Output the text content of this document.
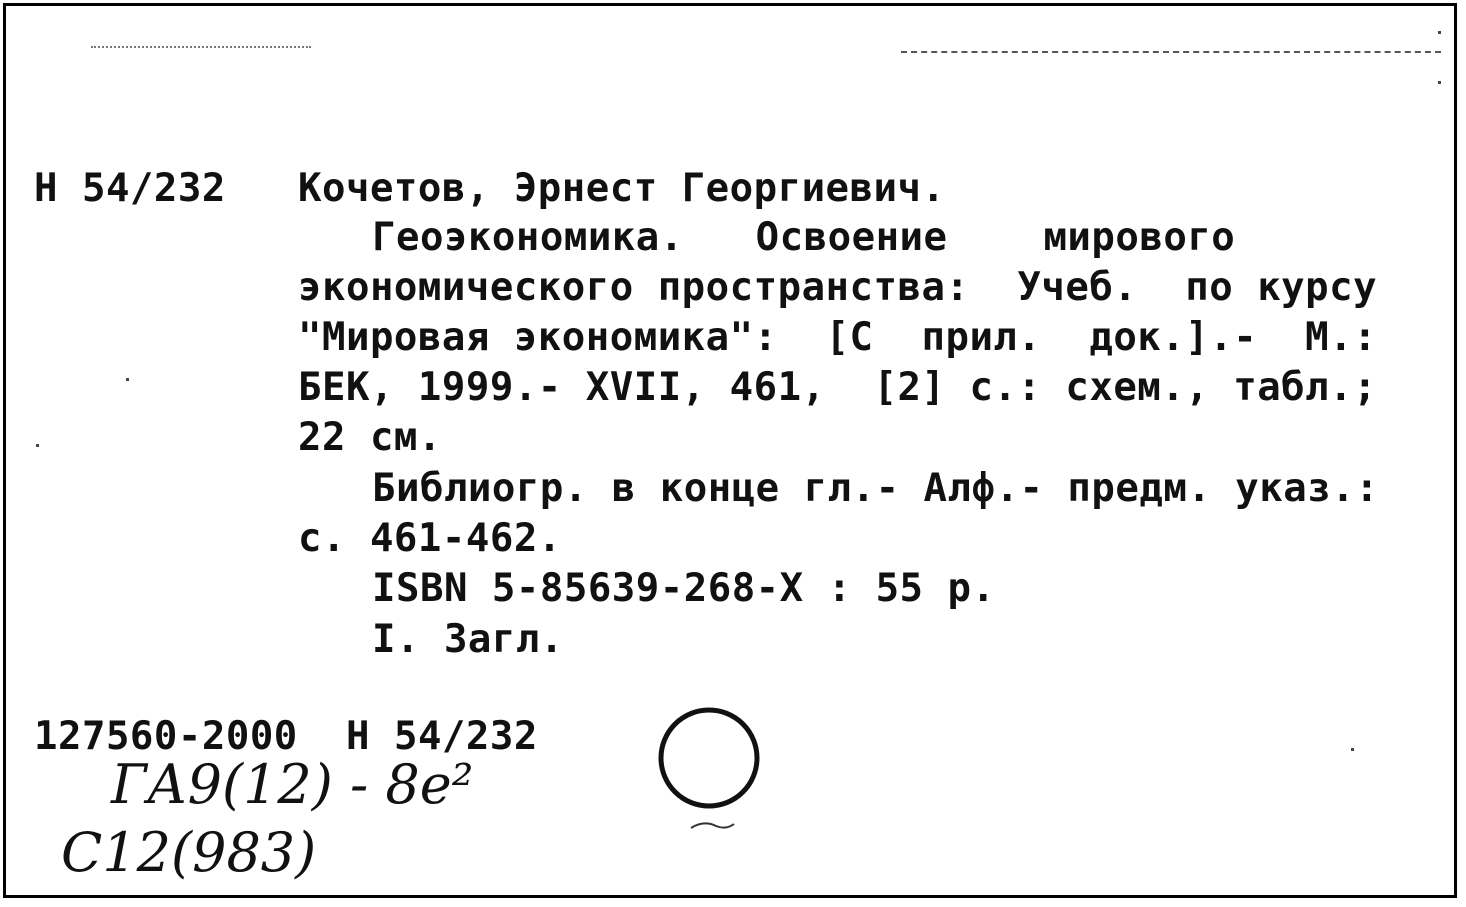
Н 54/232 Кочетов, Эрнест Георгиевич.
Геоэкономика.   Освоение    мирового
экономического пространства:  Учеб.  по курсу
"Мировая экономика":  [С  прил.  док.].-  М.:
БЕК, 1999.- XVII, 461,  [2] с.: схем., табл.;
22 см.
Библиогр. в конце гл.- Алф.- предм. указ.:
с. 461-462.
ISBN 5-85639-268-X : 55 р.
I. Загл.
127560-2000 Н 54/232
ГА9(12) - 8е²
С12(983)
